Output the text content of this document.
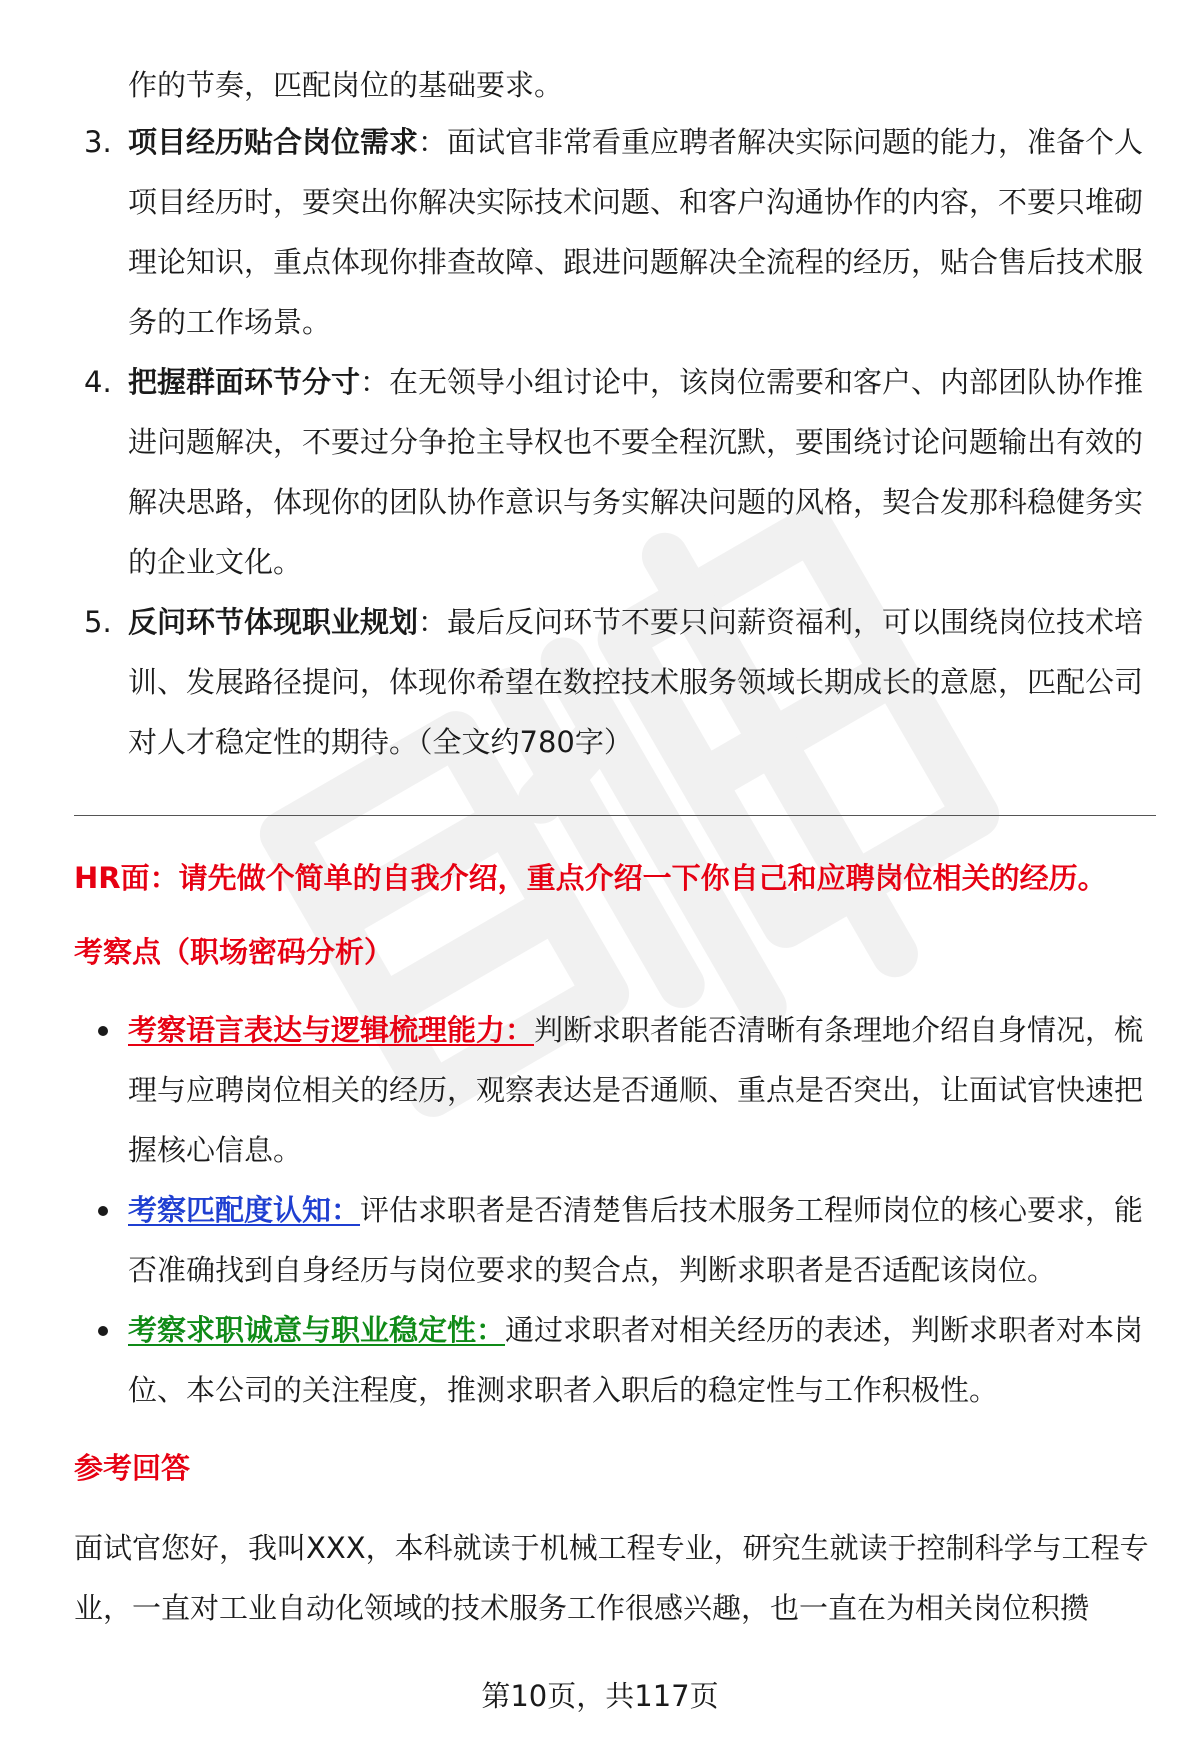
作的节奏，匹配岗位的基础要求。
3. 项目经历贴合岗位需求：面试官非常看重应聘者解决实际问题的能力，准备个人项目经历时，要突出你解决实际技术问题、和客户沟通协作的内容，不要只堆砌理论知识，重点体现你排查故障、跟进问题解决全流程的经历，贴合售后技术服务的工作场景。
4. 把握群面环节分寸：在无领导小组讨论中，该岗位需要和客户、内部团队协作推进问题解决，不要过分争抢主导权也不要全程沉默，要围绕讨论问题输出有效的解决思路，体现你的团队协作意识与务实解决问题的风格，契合发那科稳健务实的企业文化。
5. 反问环节体现职业规划：最后反问环节不要只问薪资福利，可以围绕岗位技术培训、发展路径提问，体现你希望在数控技术服务领域长期成长的意愿，匹配公司对人才稳定性的期待。（全文约780字）
HR面：请先做个简单的自我介绍，重点介绍一下你自己和应聘岗位相关的经历。
考察点（职场密码分析）
考察语言表达与逻辑梳理能力：判断求职者能否清晰有条理地介绍自身情况，梳理与应聘岗位相关的经历，观察表达是否通顺、重点是否突出，让面试官快速把握核心信息。
考察匹配度认知：评估求职者是否清楚售后技术服务工程师岗位的核心要求，能否准确找到自身经历与岗位要求的契合点，判断求职者是否适配该岗位。
考察求职诚意与职业稳定性：通过求职者对相关经历的表述，判断求职者对本岗位、本公司的关注程度，推测求职者入职后的稳定性与工作积极性。
参考回答
面试官您好，我叫XXX，本科就读于机械工程专业，研究生就读于控制科学与工程专业，一直对工业自动化领域的技术服务工作很感兴趣，也一直在为相关岗位积攒
第10页，共117页
